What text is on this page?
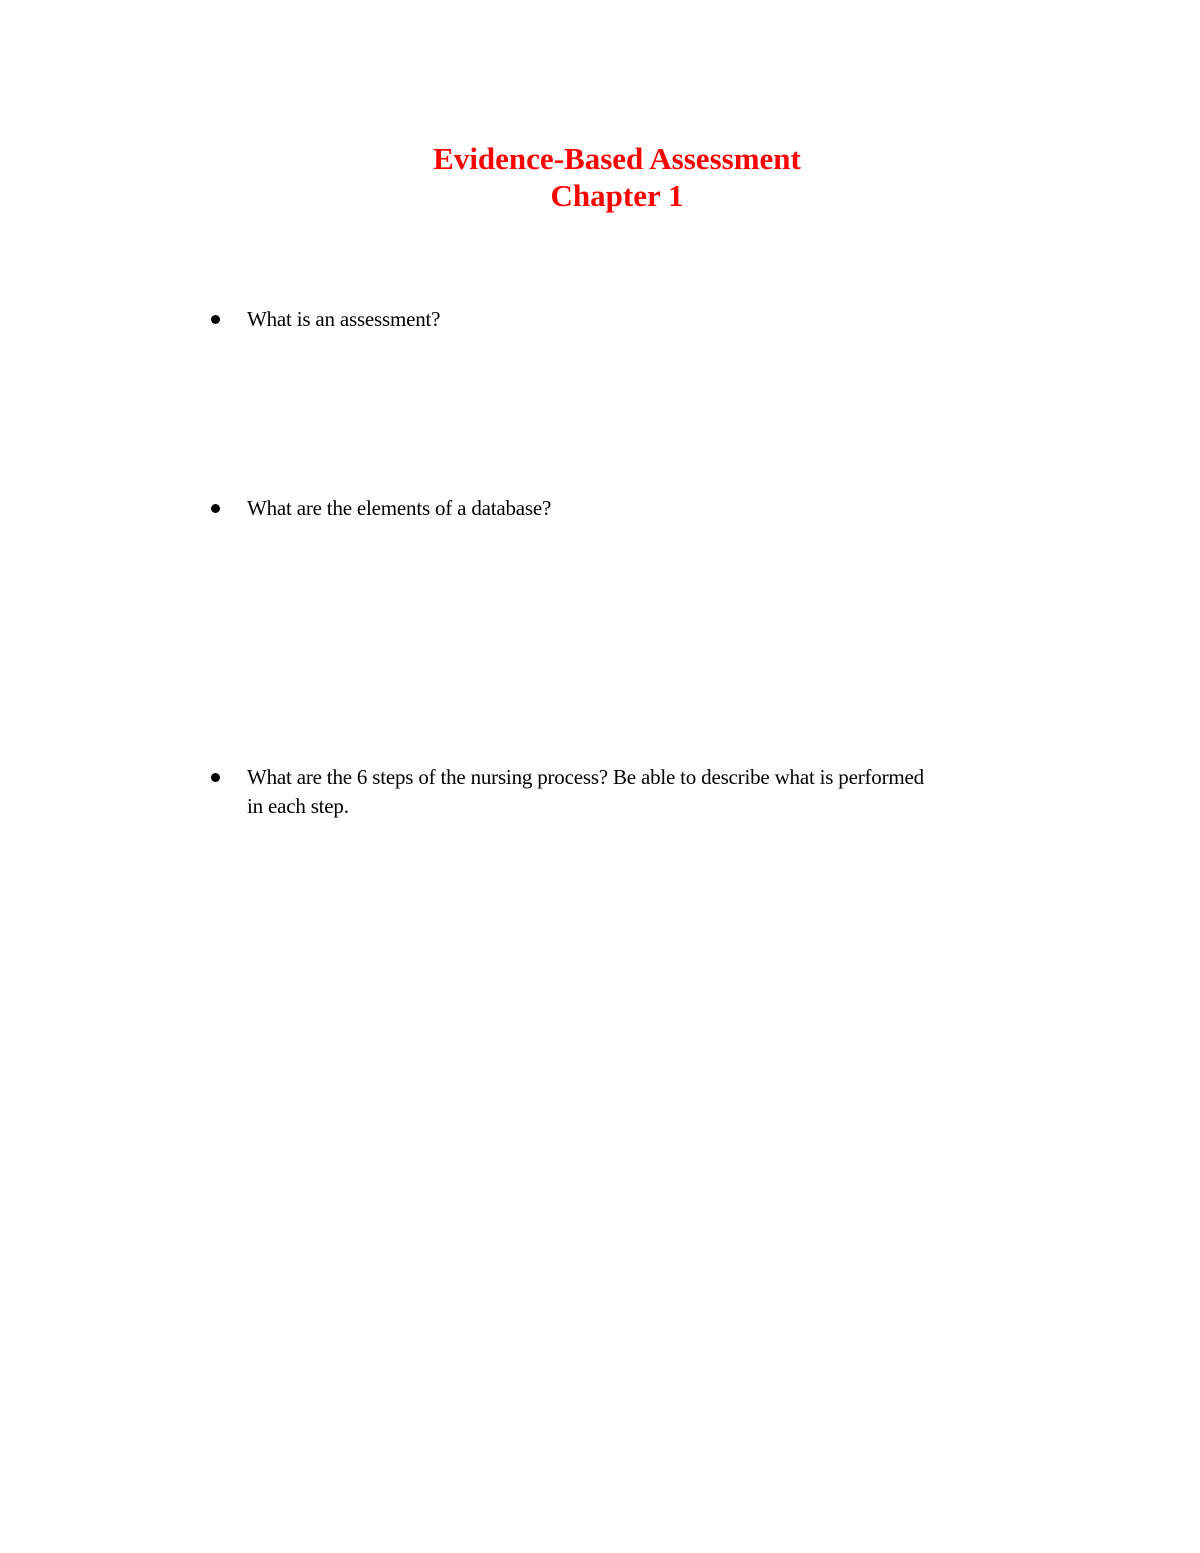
Evidence-Based Assessment
Chapter 1
What is an assessment?
What are the elements of a database?
What are the 6 steps of the nursing process? Be able to describe what is performed in each step.
